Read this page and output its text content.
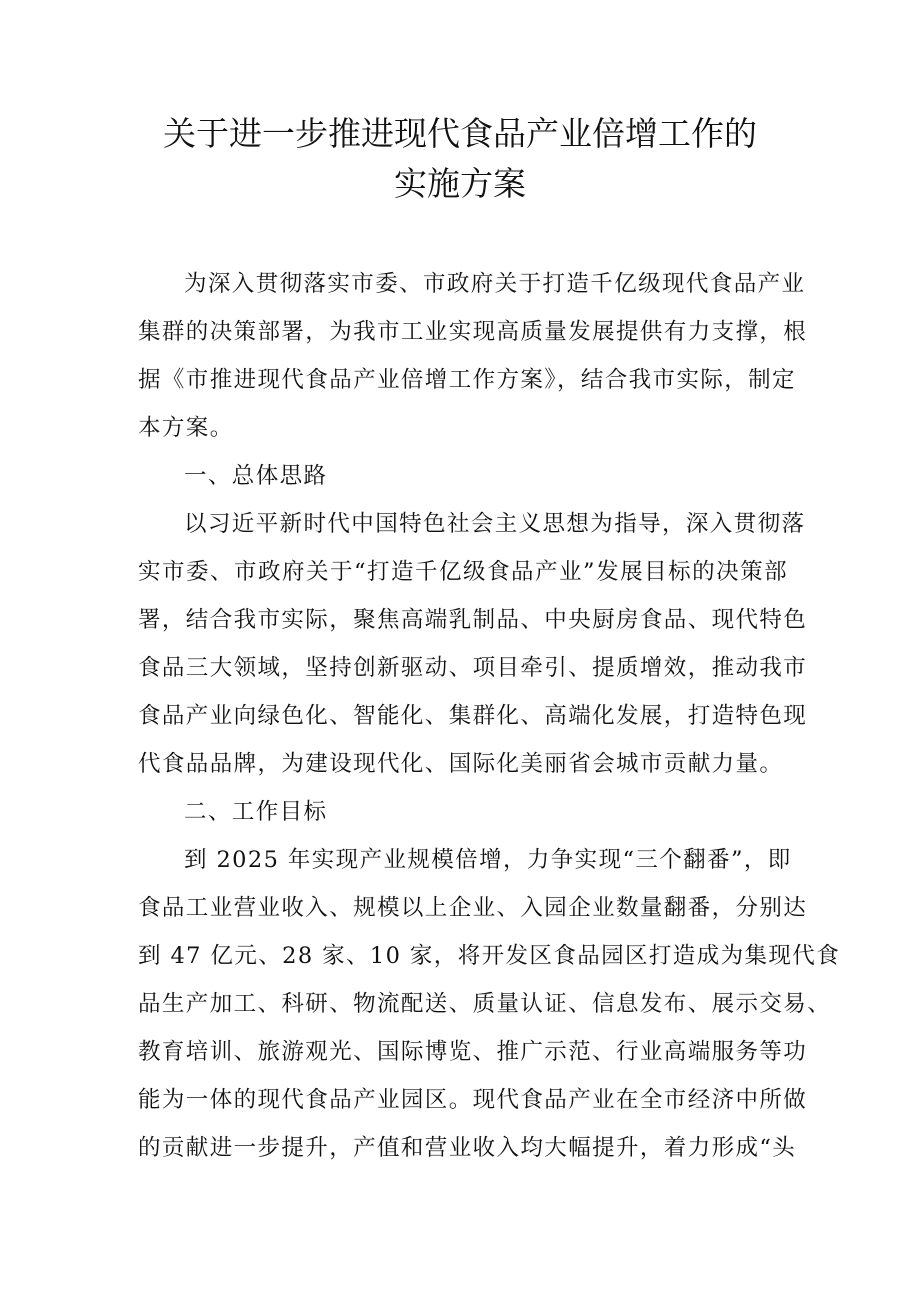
关于进一步推进现代食品产业倍增工作的
实施方案
为深入贯彻落实市委、市政府关于打造千亿级现代食品产业
集群的决策部署，为我市工业实现高质量发展提供有力支撑，根
据《市推进现代食品产业倍增工作方案》，结合我市实际，制定
本方案。
一、总体思路
以习近平新时代中国特色社会主义思想为指导，深入贯彻落
实市委、市政府关于“打造千亿级食品产业”发展目标的决策部
署，结合我市实际，聚焦高端乳制品、中央厨房食品、现代特色
食品三大领域，坚持创新驱动、项目牵引、提质增效，推动我市
食品产业向绿色化、智能化、集群化、高端化发展，打造特色现
代食品品牌，为建设现代化、国际化美丽省会城市贡献力量。
二、工作目标
到 2025 年实现产业规模倍增，力争实现“三个翻番”，即
食品工业营业收入、规模以上企业、入园企业数量翻番，分别达
到 47 亿元、28 家、10 家，将开发区食品园区打造成为集现代食
品生产加工、科研、物流配送、质量认证、信息发布、展示交易、
教育培训、旅游观光、国际博览、推广示范、行业高端服务等功
能为一体的现代食品产业园区。现代食品产业在全市经济中所做
的贡献进一步提升，产值和营业收入均大幅提升，着力形成“头
